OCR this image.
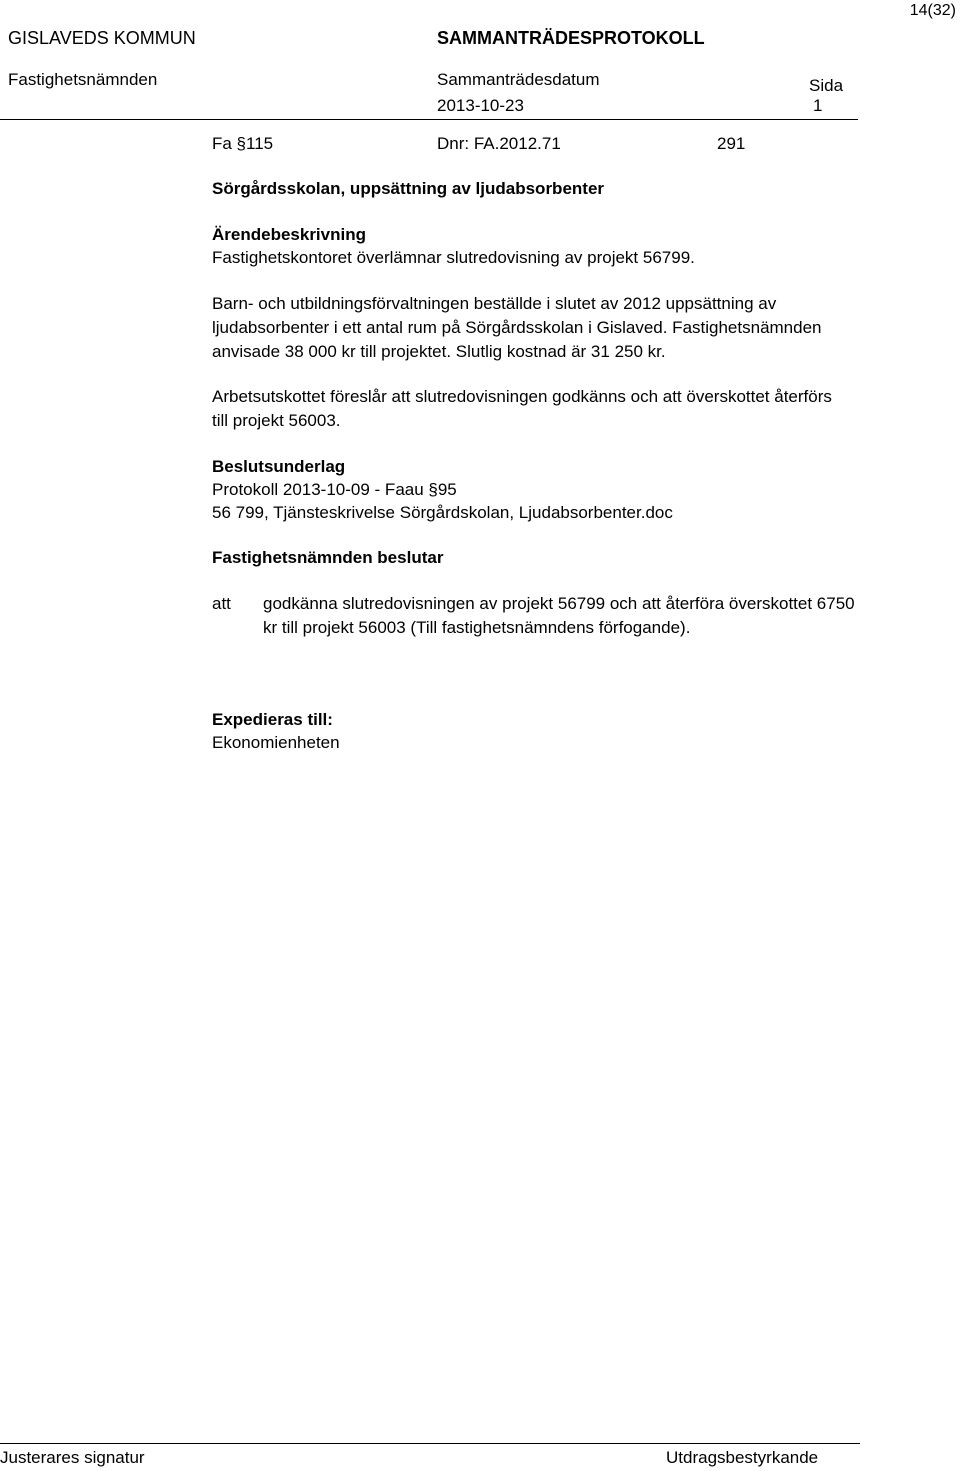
14(32)
GISLAVEDS KOMMUN	SAMMANTRÄDESPROTOKOLL
Fastighetsnämnden	Sammanträdesdatum	Sida
2013-10-23	1
Fa §115	Dnr: FA.2012.71	291
Sörgårdsskolan, uppsättning av ljudabsorbenter
Ärendebeskrivning
Fastighetskontoret överlämnar slutredovisning av projekt 56799.
Barn- och utbildningsförvaltningen beställde i slutet av 2012 uppsättning av ljudabsorbenter i ett antal rum på Sörgårdsskolan i Gislaved. Fastighetsnämnden anvisade 38 000 kr till projektet. Slutlig kostnad är 31 250 kr.
Arbetsutskottet föreslår att slutredovisningen godkänns och att överskottet återförs till projekt 56003.
Beslutsunderlag
Protokoll 2013-10-09 - Faau §95
56 799, Tjänsteskrivelse Sörgårdskolan, Ljudabsorbenter.doc
Fastighetsnämnden beslutar
att	godkänna slutredovisningen av projekt 56799 och att återföra överskottet 6750 kr till projekt 56003 (Till fastighetsnämndens förfogande).
Expedieras till:
Ekonomienheten
Justerares signatur	Utdragsbestyrkande
